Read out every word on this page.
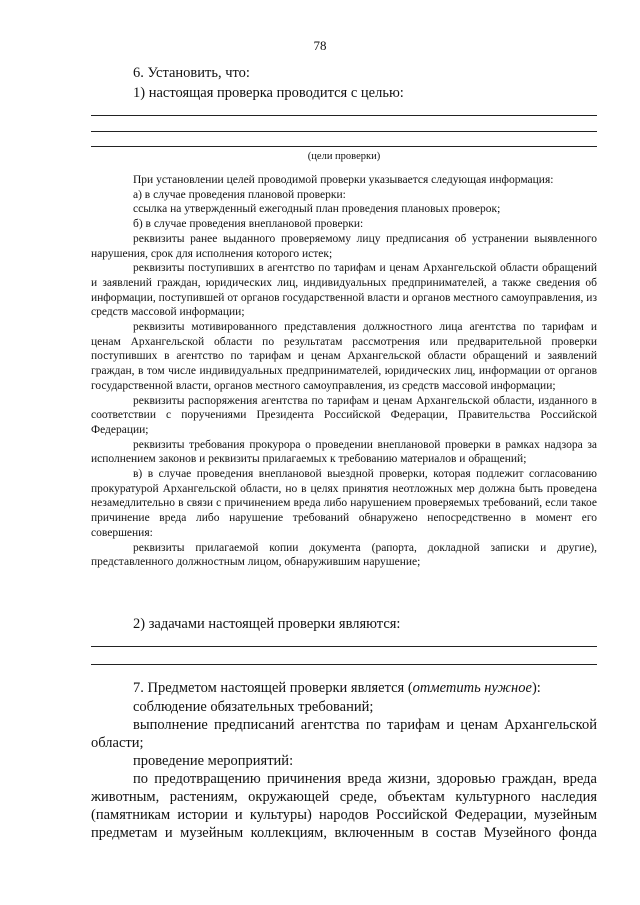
78
6. Установить, что:
1) настоящая проверка проводится с целью:
(цели проверки)

При установлении целей проводимой проверки указывается следующая информация:

а) в случае проведения плановой проверки:

ссылка на утвержденный ежегодный план проведения плановых проверок;

б) в случае проведения внеплановой проверки:

реквизиты ранее выданного проверяемому лицу предписания об устранении выявленного нарушения, срок для исполнения которого истек;

реквизиты поступивших в агентство по тарифам и ценам Архангельской области обращений и заявлений граждан, юридических лиц, индивидуальных предпринимателей, а также сведения об информации, поступившей от органов государственной власти и органов местного самоуправления, из средств массовой информации;

реквизиты мотивированного представления должностного лица агентства по тарифам и ценам Архангельской области по результатам рассмотрения или предварительной проверки поступивших в агентство по тарифам и ценам Архангельской области обращений и заявлений граждан, в том числе индивидуальных предпринимателей, юридических лиц, информации от органов государственной власти, органов местного самоуправления, из средств массовой информации;

реквизиты распоряжения агентства по тарифам и ценам Архангельской области, изданного в соответствии с поручениями Президента Российской Федерации, Правительства Российской Федерации;

реквизиты требования прокурора о проведении внеплановой проверки в рамках надзора за исполнением законов и реквизиты прилагаемых к требованию материалов и обращений;

в) в случае проведения внеплановой выездной проверки, которая подлежит согласованию прокуратурой Архангельской области, но в целях принятия неотложных мер должна быть проведена незамедлительно в связи с причинением вреда либо нарушением проверяемых требований, если такое причинение вреда либо нарушение требований обнаружено непосредственно в момент его совершения:

реквизиты прилагаемой копии документа (рапорта, докладной записки и другие), представленного должностным лицом, обнаружившим нарушение;

2) задачами настоящей проверки являются:
7. Предметом настоящей проверки является (отметить нужное):
соблюдение обязательных требований;
выполнение предписаний агентства по тарифам и ценам Архангельской
области;
проведение мероприятий:
по предотвращению причинения вреда жизни, здоровью граждан, вреда
животным, растениям, окружающей среде, объектам культурного наследия
(памятникам истории и культуры) народов Российской Федерации, музейным
предметам и музейным коллекциям, включенным в состав Музейного фонда
